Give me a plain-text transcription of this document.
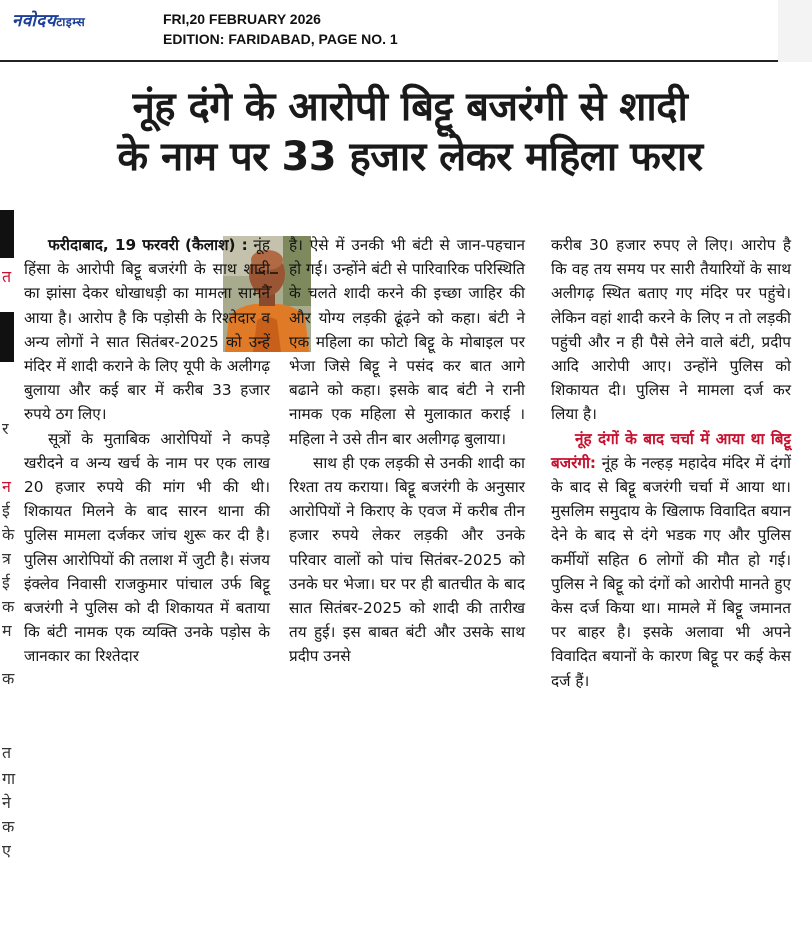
नवोदयटाइम्स	FRI,20 FEBRUARY 2026
EDITION: FARIDABAD, PAGE NO. 1
नूंह दंगे के आरोपी बिट्टू बजरंगी से शादी
के नाम पर 33 हजार लेकर महिला फरार
त
र
न
ई
के
त्र
ई
क
म
क
त
गा
ने
क
ए

फरीदाबाद, 19 फरवरी (कैलाश) : नूंह हिंसा के आरोपी बिट्टू बजरंगी के साथ शादी का झांसा देकर धोखाधड़ी का मामला सामने आया है। आरोप है कि पड़ोसी के रिश्तेदार व अन्य लोगों ने सात सितंबर-2025 को उन्हें मंदिर में शादी कराने के लिए यूपी के अलीगढ़ बुलाया और कई बार में करीब 33 हजार रुपये ठग लिए।

सूत्रों के मुताबिक आरोपियों ने कपड़े खरीदने व अन्य खर्च के नाम पर एक लाख 20 हजार रुपये की मांग भी की थी। शिकायत मिलने के बाद सारन थाना की पुलिस मामला दर्जकर जांच शुरू कर दी है। पुलिस आरोपियों की तलाश में जुटी है। संजय इंक्लेव निवासी राजकुमार पांचाल उर्फ बिट्टू बजरंगी ने पुलिस को दी शिकायत में बताया कि बंटी नामक एक व्यक्ति उनके पड़ोस के जानकार का रिश्तेदार

है। ऐसे में उनकी भी बंटी से जान-पहचान हो गई। उन्होंने बंटी से पारिवारिक परिस्थिति के चलते शादी करने की इच्छा जाहिर की और योग्य लड़की ढूंढ़ने को कहा। बंटी ने एक महिला का फोटो बिट्टू के मोबाइल पर भेजा जिसे बिट्टू ने पसंद कर बात आगे बढाने को कहा। इसके बाद बंटी ने रानी नामक एक महिला से मुलाकात कराई । महिला ने उसे तीन बार अलीगढ़ बुलाया।

साथ ही एक लड़की से उनकी शादी का रिश्ता तय कराया। बिट्टू बजरंगी के अनुसार आरोपियों ने किराए के एवज में करीब तीन हजार रुपये लेकर लड़की और उनके परिवार वालों को पांच सितंबर-2025 को उनके घर भेजा। घर पर ही बातचीत के बाद सात सितंबर-2025 को शादी की तारीख तय हुई। इस बाबत बंटी और उसके साथ प्रदीप उनसे

करीब 30 हजार रुपए ले लिए। आरोप है कि वह तय समय पर सारी तैयारियों के साथ अलीगढ़ स्थित बताए गए मंदिर पर पहुंचे। लेकिन वहां शादी करने के लिए न तो लड़की पहुंची और न ही पैसे लेने वाले बंटी, प्रदीप आदि आरोपी आए। उन्होंने पुलिस को शिकायत दी। पुलिस ने मामला दर्ज कर लिया है।

नूंह दंगों के बाद चर्चा में आया था बिट्टू बजरंगी: नूंह के नल्हड़ महादेव मंदिर में दंगों के बाद से बिट्टू बजरंगी चर्चा में आया था। मुसलिम समुदाय के खिलाफ विवादित बयान देने के बाद से दंगे भडक गए और पुलिस कर्मीयों सहित 6 लोगों की मौत हो गई। पुलिस ने बिट्टू को दंगों को आरोपी मानते हुए केस दर्ज किया था। मामले में बिट्टू जमानत पर बाहर है। इसके अलावा भी अपने विवादित बयानों के कारण बिट्टू पर कई केस दर्ज हैं।
